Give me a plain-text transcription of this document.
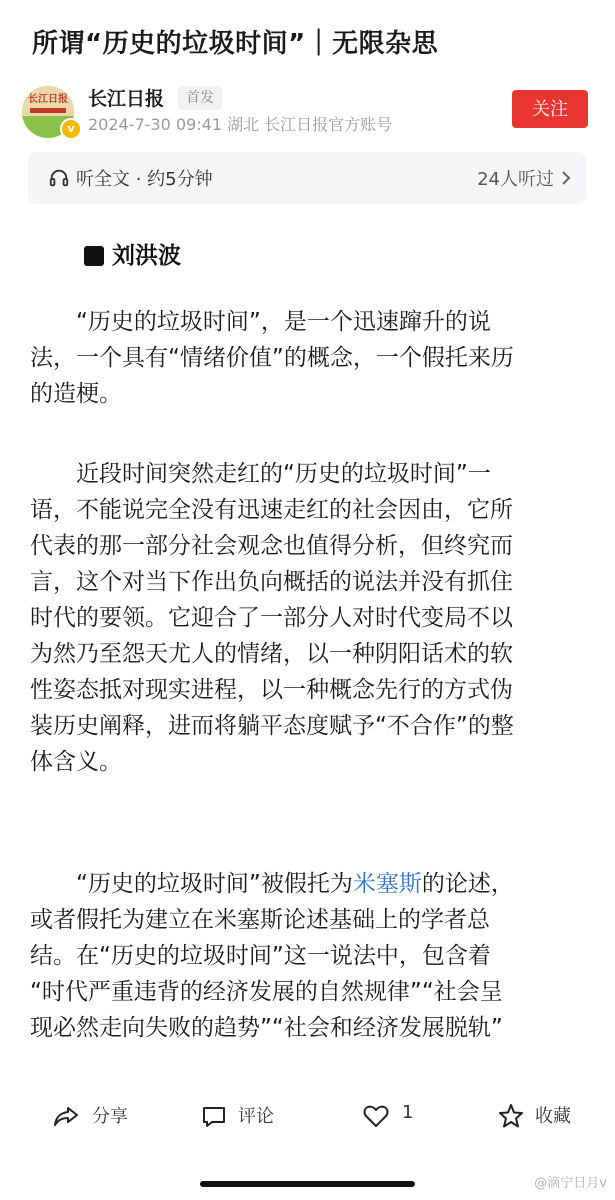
所谓“历史的垃圾时间”｜无限杂思
长江日报
v
长江日报	首发
2024-7-30 09:41 湖北 长江日报官方账号
关注
听全文 · 约5分钟	24人听过
刘洪波

　　“历史的垃圾时间”，是一个迅速蹿升的说
法，一个具有“情绪价值”的概念，一个假托来历
的造梗。

　　近段时间突然走红的“历史的垃圾时间”一
语，不能说完全没有迅速走红的社会因由，它所
代表的那一部分社会观念也值得分析，但终究而
言，这个对当下作出负向概括的说法并没有抓住
时代的要领。它迎合了一部分人对时代变局不以
为然乃至怨天尤人的情绪，以一种阴阳话术的软
性姿态抵对现实进程，以一种概念先行的方式伪
装历史阐释，进而将躺平态度赋予“不合作”的整
体含义。

　　“历史的垃圾时间”被假托为米塞斯的论述，
或者假托为建立在米塞斯论述基础上的学者总
结。在“历史的垃圾时间”这一说法中，包含着
“时代严重违背的经济发展的自然规律”“社会呈
现必然走向失败的趋势”“社会和经济发展脱轨”

分享	评论	1	收藏
@滴宁日月v
